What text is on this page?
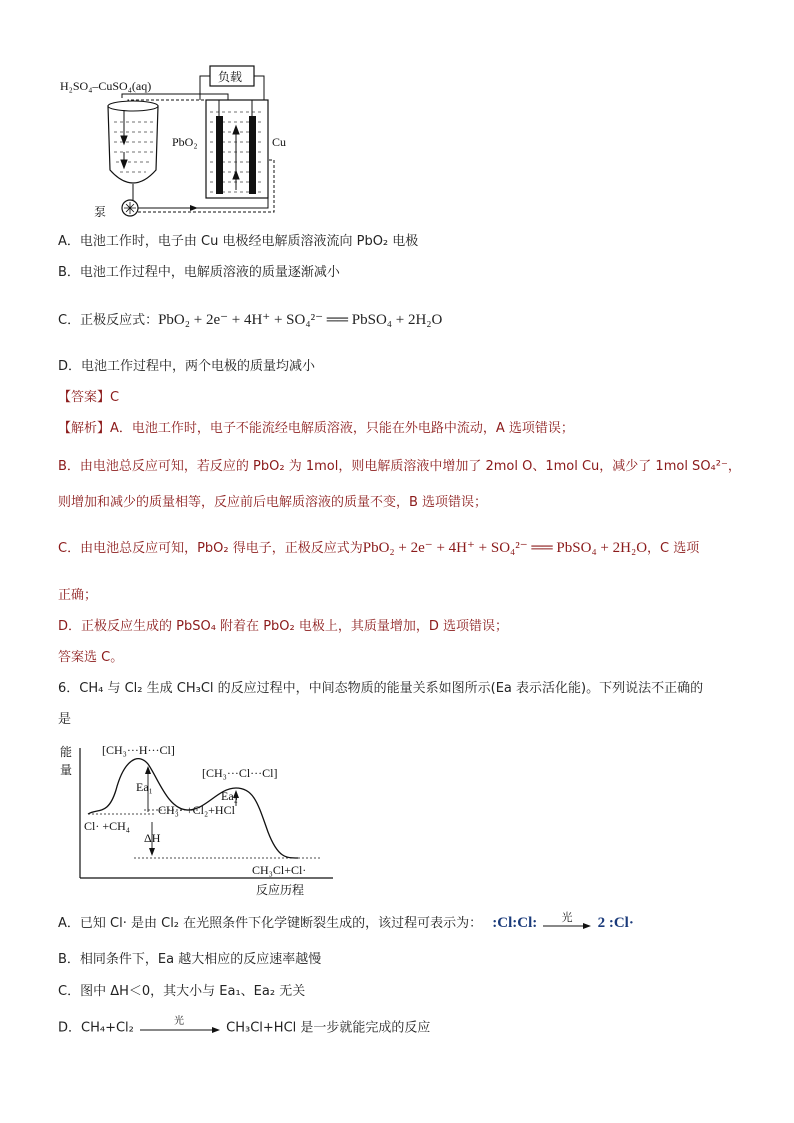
H₂SO₄–CuSO₄(aq)
负载
PbO₂	Cu
泵
A．电池工作时，电子由 Cu 电极经电解质溶液流向 PbO₂ 电极
B．电池工作过程中，电解质溶液的质量逐渐减小
C．正极反应式：PbO₂ + 2e⁻ + 4H⁺ + SO₄²⁻ ══ PbSO₄ + 2H₂O
D．电池工作过程中，两个电极的质量均减小
【答案】C
【解析】A．电池工作时，电子不能流经电解质溶液，只能在外电路中流动，A 选项错误；
B．由电池总反应可知，若反应的 PbO₂ 为 1mol，则电解质溶液中增加了 2mol O、1mol Cu，减少了 1mol SO₄²⁻，
则增加和减少的质量相等，反应前后电解质溶液的质量不变，B 选项错误；
C．由电池总反应可知，PbO₂ 得电子，正极反应式为PbO₂ + 2e⁻ + 4H⁺ + SO₄²⁻ ══ PbSO₄ + 2H₂O，C 选项
正确；
D．正极反应生成的 PbSO₄ 附着在 PbO₂ 电极上，其质量增加，D 选项错误；
答案选 C。
6．CH₄ 与 Cl₂ 生成 CH₃Cl 的反应过程中，中间态物质的能量关系如图所示(Ea 表示活化能)。下列说法不正确的
是
能
量
反应历程
[CH₃···H···Cl]
[CH₃···Cl···Cl]
Ea₁
Ea₂
CH₃· +Cl₂+HCl
Cl· +CH₄
ΔH
CH₃Cl+Cl·
A．已知 Cl· 是由 Cl₂ 在光照条件下化学键断裂生成的，该过程可表示为： :Cl:Cl: 光 2 :Cl·
B．相同条件下，Ea 越大相应的反应速率越慢
C．图中 ΔH＜0，其大小与 Ea₁、Ea₂ 无关
D．CH₄+Cl₂	光	CH₃Cl+HCl 是一步就能完成的反应
